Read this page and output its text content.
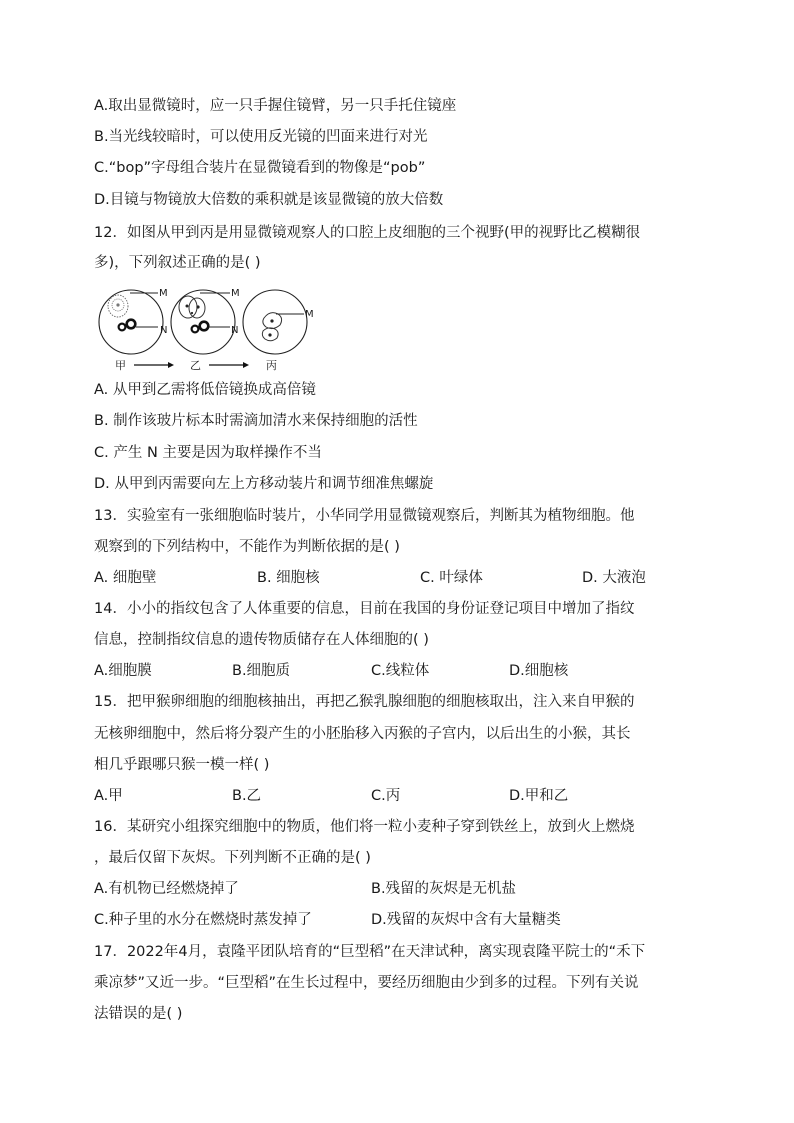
A.取出显微镜时，应一只手握住镜臂，另一只手托住镜座
B.当光线较暗时，可以使用反光镜的凹面来进行对光
C.“bop”字母组合装片在显微镜看到的物像是“pob”
D.目镜与物镜放大倍数的乘积就是该显微镜的放大倍数
12．如图从甲到丙是用显微镜观察人的口腔上皮细胞的三个视野(甲的视野比乙模糊很
多)，下列叙述正确的是( )
M
N
M
N
M
甲	乙	丙
A. 从甲到乙需将低倍镜换成高倍镜
B. 制作该玻片标本时需滴加清水来保持细胞的活性
C. 产生 N 主要是因为取样操作不当
D. 从甲到丙需要向左上方移动装片和调节细准焦螺旋
13．实验室有一张细胞临时装片，小华同学用显微镜观察后，判断其为植物细胞。他
观察到的下列结构中，不能作为判断依据的是( )
A. 细胞壁	B. 细胞核	C. 叶绿体	D. 大液泡
14．小小的指纹包含了人体重要的信息，目前在我国的身份证登记项目中增加了指纹
信息，控制指纹信息的遗传物质储存在人体细胞的( )
A.细胞膜	B.细胞质	C.线粒体	D.细胞核
15．把甲猴卵细胞的细胞核抽出，再把乙猴乳腺细胞的细胞核取出，注入来自甲猴的
无核卵细胞中，然后将分裂产生的小胚胎移入丙猴的子宫内，以后出生的小猴，其长
相几乎跟哪只猴一模一样( )
A.甲	B.乙	C.丙	D.甲和乙
16．某研究小组探究细胞中的物质，他们将一粒小麦种子穿到铁丝上，放到火上燃烧
，最后仅留下灰烬。下列判断不正确的是( )
A.有机物已经燃烧掉了	B.残留的灰烬是无机盐
C.种子里的水分在燃烧时蒸发掉了	D.残留的灰烬中含有大量糖类
17．2022年4月，袁隆平团队培育的“巨型稻”在天津试种，离实现袁隆平院士的“禾下
乘凉梦”又近一步。“巨型稻”在生长过程中，要经历细胞由少到多的过程。下列有关说
法错误的是( )
